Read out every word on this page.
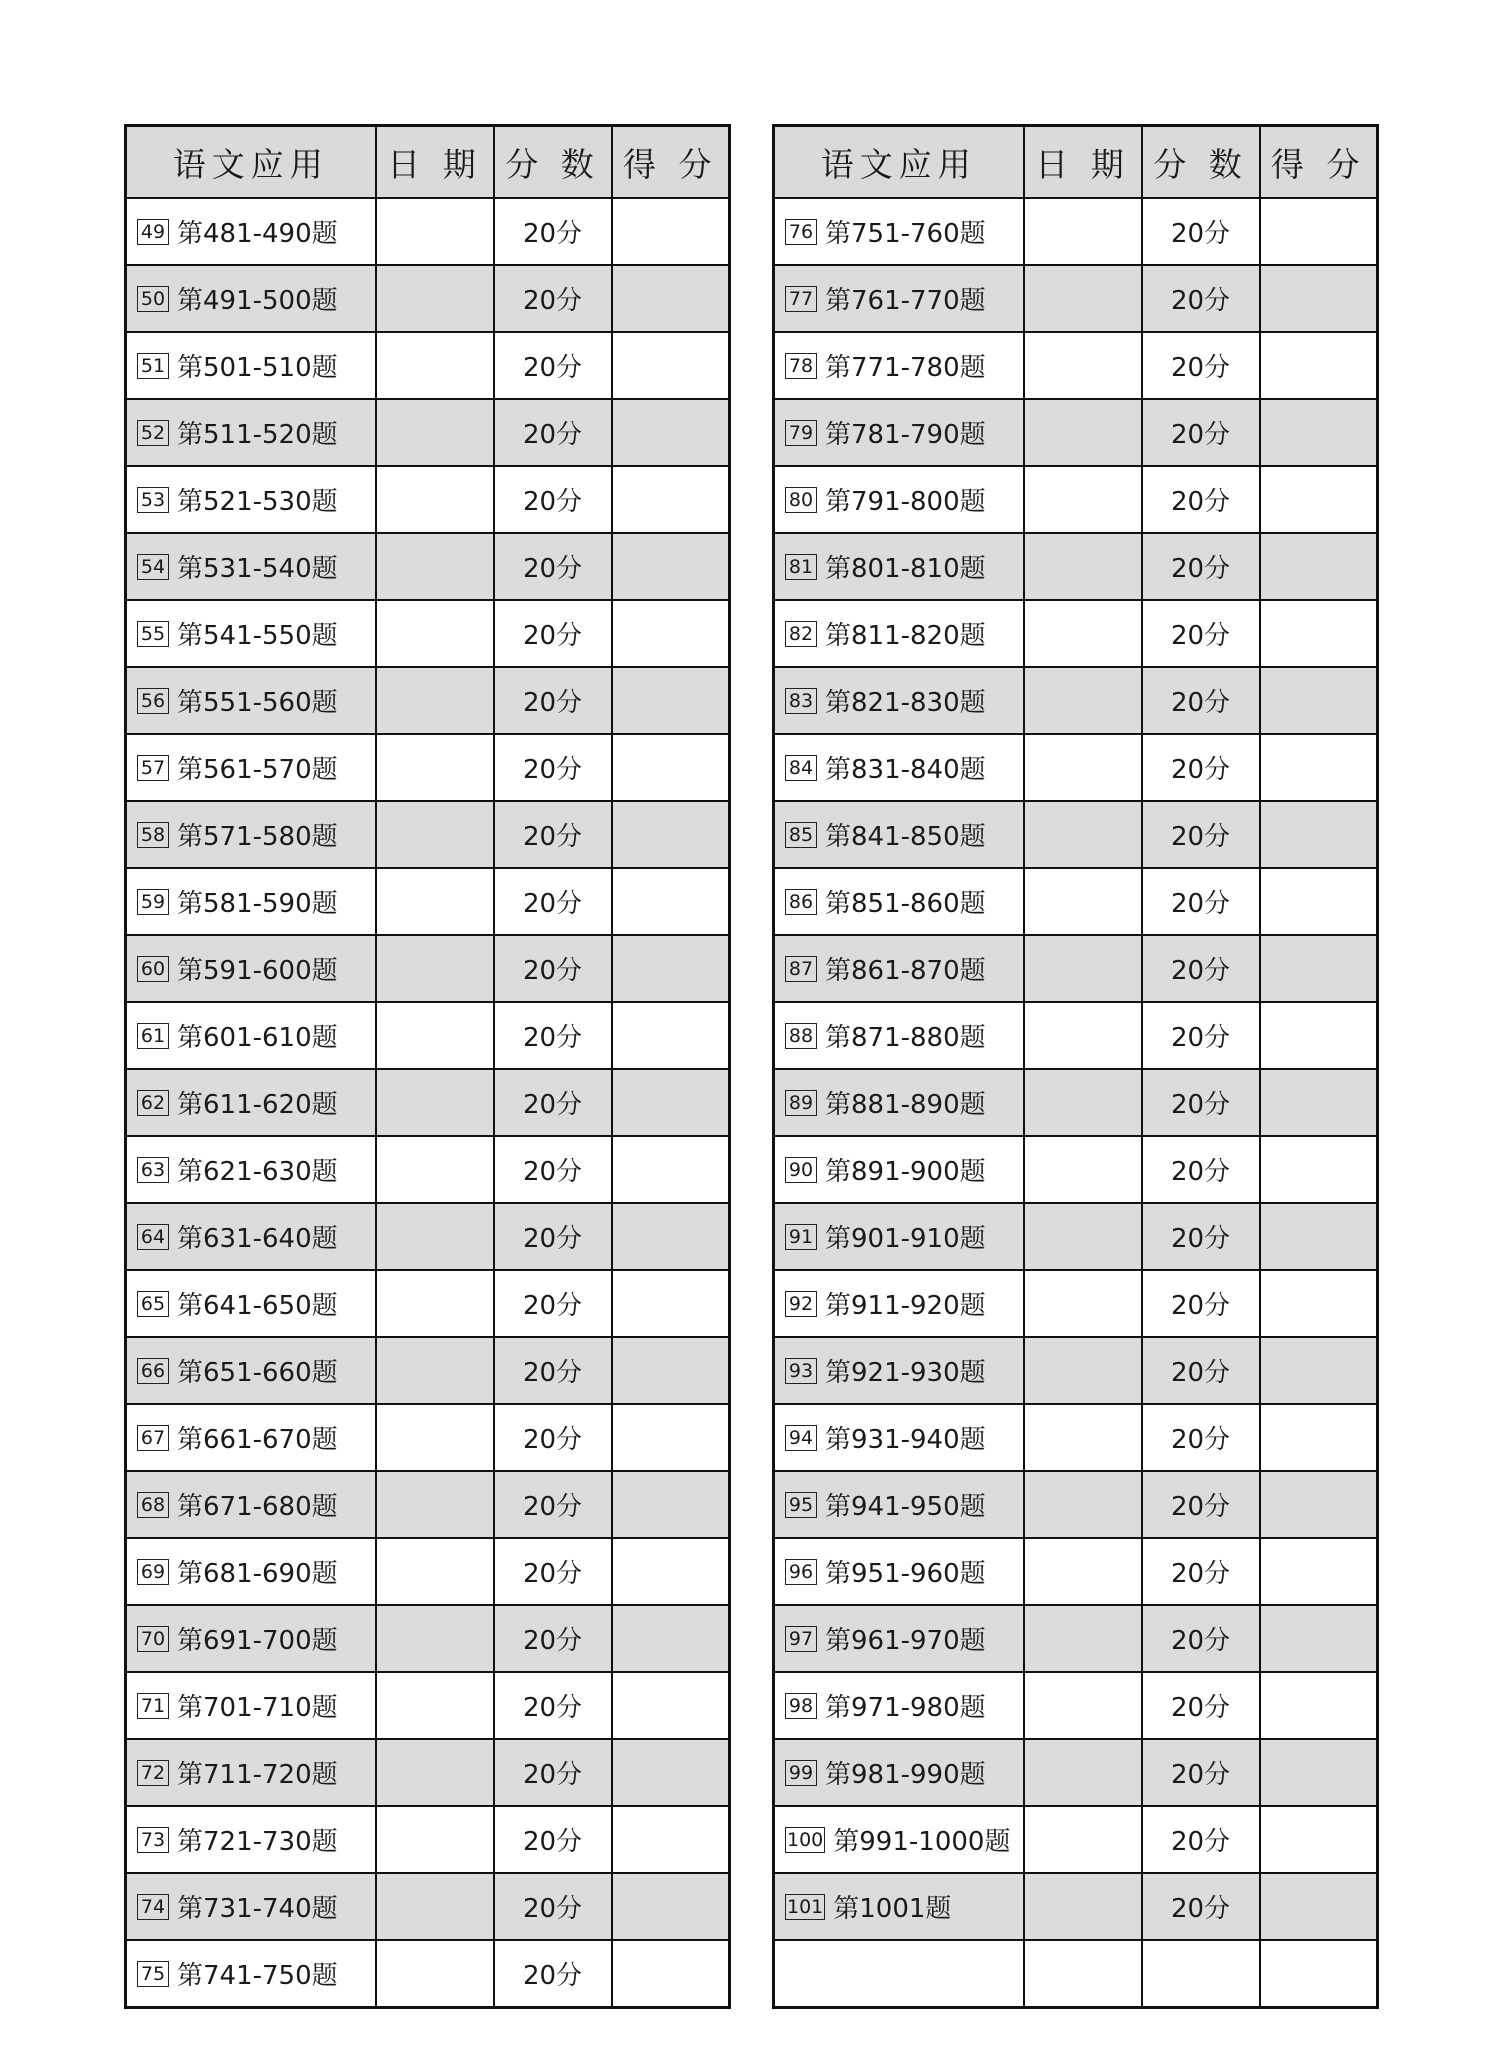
语文应用	日 期	分 数	得 分
49 第481-490题		20分	
50 第491-500题		20分	
51 第501-510题		20分	
52 第511-520题		20分	
53 第521-530题		20分	
54 第531-540题		20分	
55 第541-550题		20分	
56 第551-560题		20分	
57 第561-570题		20分	
58 第571-580题		20分	
59 第581-590题		20分	
60 第591-600题		20分	
61 第601-610题		20分	
62 第611-620题		20分	
63 第621-630题		20分	
64 第631-640题		20分	
65 第641-650题		20分	
66 第651-660题		20分	
67 第661-670题		20分	
68 第671-680题		20分	
69 第681-690题		20分	
70 第691-700题		20分	
71 第701-710题		20分	
72 第711-720题		20分	
73 第721-730题		20分	
74 第731-740题		20分	
75 第741-750题		20分	
语文应用	日 期	分 数	得 分
76 第751-760题		20分	
77 第761-770题		20分	
78 第771-780题		20分	
79 第781-790题		20分	
80 第791-800题		20分	
81 第801-810题		20分	
82 第811-820题		20分	
83 第821-830题		20分	
84 第831-840题		20分	
85 第841-850题		20分	
86 第851-860题		20分	
87 第861-870题		20分	
88 第871-880题		20分	
89 第881-890题		20分	
90 第891-900题		20分	
91 第901-910题		20分	
92 第911-920题		20分	
93 第921-930题		20分	
94 第931-940题		20分	
95 第941-950题		20分	
96 第951-960题		20分	
97 第961-970题		20分	
98 第971-980题		20分	
99 第981-990题		20分	
100 第991-1000题		20分	
101 第1001题		20分	
